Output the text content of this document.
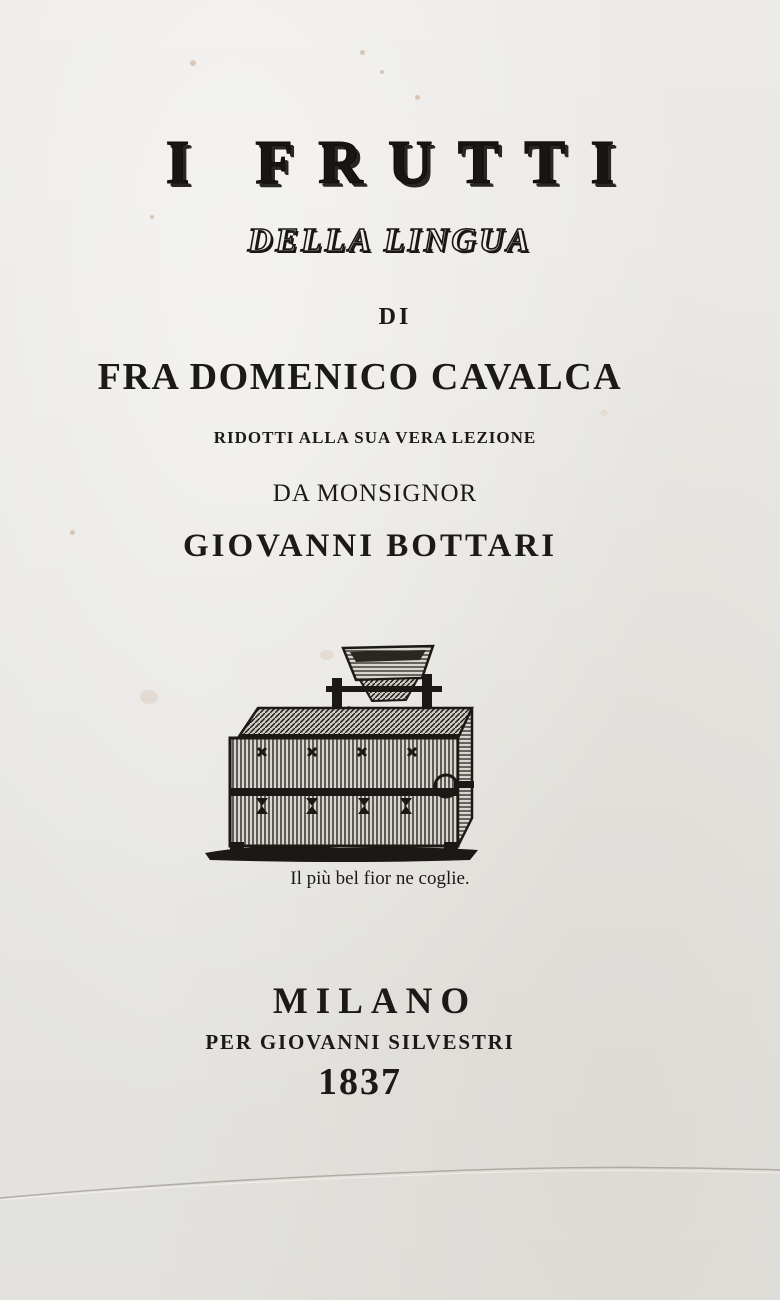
I FRUTTI
DELLA LINGUA
DI
FRA DOMENICO CAVALCA
RIDOTTI ALLA SUA VERA LEZIONE
DA MONSIGNOR
GIOVANNI BOTTARI
Il più bel fior ne coglie.
MILANO
PER GIOVANNI SILVESTRI
1837
